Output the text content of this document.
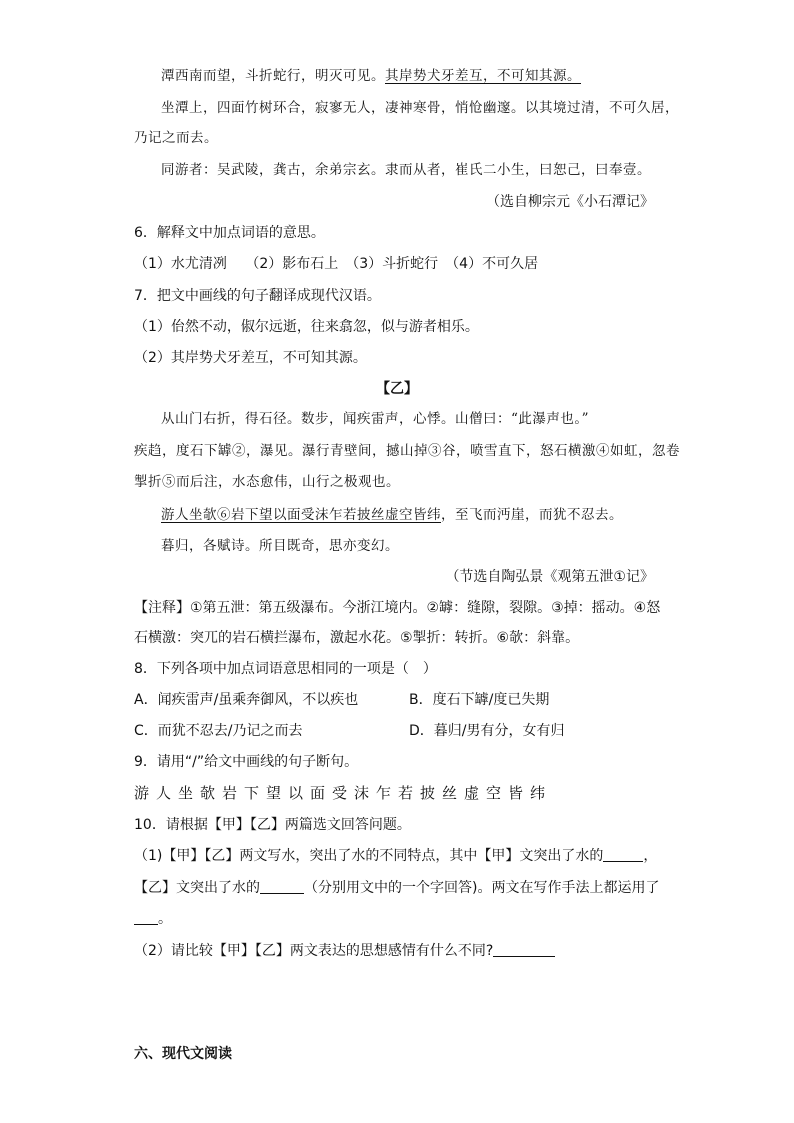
潭西南而望，斗折蛇行，明灭可见。其岸势犬牙差互，不可知其源。
坐潭上，四面竹树环合，寂寥无人，凄神寒骨，悄怆幽邃。以其境过清，不可久居，
乃记之而去。
同游者：吴武陵，龚古，余弟宗玄。隶而从者，崔氏二小生，曰恕己，曰奉壹。
（选自柳宗元《小石潭记》
6．解释文中加点词语的意思。
（1）水尤清冽　 （2）影布石上　（3）斗折蛇行　（4）不可久居
7．把文中画线的句子翻译成现代汉语。
（1）佁然不动，俶尔远逝，往来翕忽，似与游者相乐。
（2）其岸势犬牙差互，不可知其源。
【乙】
从山门右折，得石径。数步，闻疾雷声，心悸。山僧曰：“此瀑声也。”
疾趋，度石下罅②，瀑见。瀑行青壁间，撼山掉③谷，喷雪直下，怒石横激④如虹，忽卷
掣折⑤而后注，水态愈伟，山行之极观也。
游人坐欹⑥岩下望以面受沫乍若披丝虚空皆纬，至飞而沔崖，而犹不忍去。
暮归，各赋诗。所目既奇，思亦变幻。
（节选自陶弘景《观第五泄①记》
【注释】①第五泄：第五级瀑布。今浙江境内。②罅：缝隙，裂隙。③掉：摇动。④怒
石横激：突兀的岩石横拦瀑布，激起水花。⑤掣折：转折。⑥欹：斜靠。
8．下列各项中加点词语意思相同的一项是（　）
A．闻疾雷声/虽乘奔御风，不以疾也	B．度石下罅/度已失期
C．而犹不忍去/乃记之而去	D．暮归/男有分，女有归
9．请用“/”给文中画线的句子断句。
游人坐欹岩下望以面受沫乍若披丝虚空皆纬
10．请根据【甲】【乙】两篇选文回答问题。
（1)【甲】【乙】两文写水，突出了水的不同特点，其中【甲】文突出了水的	，
【乙】文突出了水的	（分别用文中的一个字回答)。两文在写作手法上都运用了
。
（2）请比较【甲】【乙】两文表达的思想感情有什么不同?
六、现代文阅读
